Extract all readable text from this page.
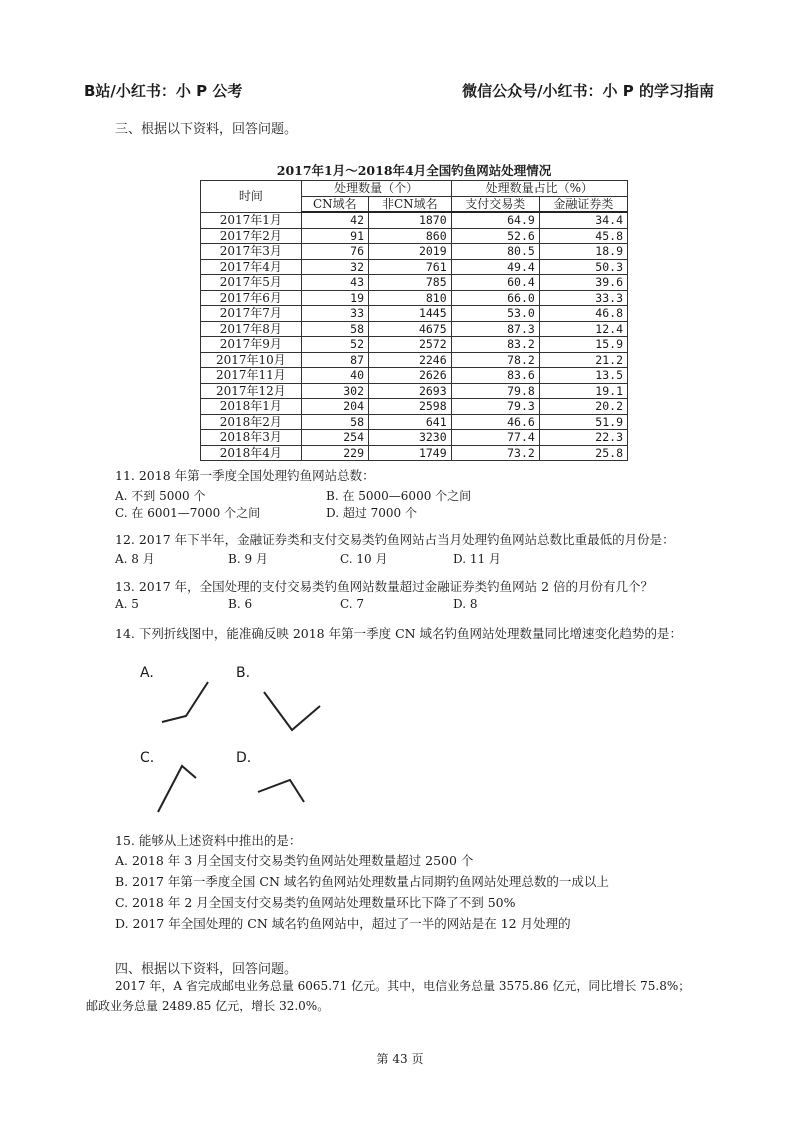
B站/小红书：小 P 公考	微信公众号/小红书：小 P 的学习指南
三、根据以下资料，回答问题。
2017年1月～2018年4月全国钓鱼网站处理情况
时间	处理数量（个）		处理数量占比（%）	
	CN域名	非CN域名	支付交易类	金融证券类
2017年1月	42	1870	64.9	34.4
2017年2月	91	860	52.6	45.8
2017年3月	76	2019	80.5	18.9
2017年4月	32	761	49.4	50.3
2017年5月	43	785	60.4	39.6
2017年6月	19	810	66.0	33.3
2017年7月	33	1445	53.0	46.8
2017年8月	58	4675	87.3	12.4
2017年9月	52	2572	83.2	15.9
2017年10月	87	2246	78.2	21.2
2017年11月	40	2626	83.6	13.5
2017年12月	302	2693	79.8	19.1
2018年1月	204	2598	79.3	20.2
2018年2月	58	641	46.6	51.9
2018年3月	254	3230	77.4	22.3
2018年4月	229	1749	73.2	25.8
11. 2018 年第一季度全国处理钓鱼网站总数：
A. 不到 5000 个	B. 在 5000—6000 个之间
C. 在 6001—7000 个之间	D. 超过 7000 个
12. 2017 年下半年，金融证券类和支付交易类钓鱼网站占当月处理钓鱼网站总数比重最低的月份是：
A. 8 月	B. 9 月	C. 10 月	D. 11 月
13. 2017 年，全国处理的支付交易类钓鱼网站数量超过金融证券类钓鱼网站 2 倍的月份有几个？
A. 5	B. 6	C. 7	D. 8
14. 下列折线图中，能准确反映 2018 年第一季度 CN 域名钓鱼网站处理数量同比增速变化趋势的是：
A.	B.
C.	D.
15. 能够从上述资料中推出的是：
A. 2018 年 3 月全国支付交易类钓鱼网站处理数量超过 2500 个
B. 2017 年第一季度全国 CN 域名钓鱼网站处理数量占同期钓鱼网站处理总数的一成以上
C. 2018 年 2 月全国支付交易类钓鱼网站处理数量环比下降了不到 50%
D. 2017 年全国处理的 CN 域名钓鱼网站中，超过了一半的网站是在 12 月处理的
四、根据以下资料，回答问题。
2017 年，A 省完成邮电业务总量 6065.71 亿元。其中，电信业务总量 3575.86 亿元，同比增长 75.8%；
邮政业务总量 2489.85 亿元，增长 32.0%。
第 43 页
